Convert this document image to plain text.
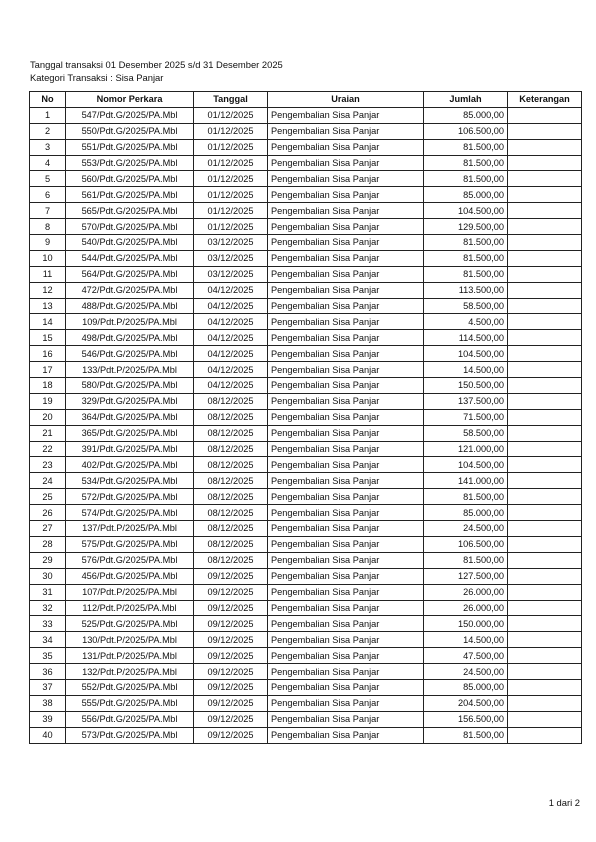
Tanggal transaksi 01 Desember 2025 s/d 31 Desember 2025
Kategori Transaksi : Sisa Panjar
No	Nomor Perkara	Tanggal	Uraian	Jumlah	Keterangan
1	547/Pdt.G/2025/PA.Mbl	01/12/2025	Pengembalian Sisa Panjar	85.000,00	
2	550/Pdt.G/2025/PA.Mbl	01/12/2025	Pengembalian Sisa Panjar	106.500,00	
3	551/Pdt.G/2025/PA.Mbl	01/12/2025	Pengembalian Sisa Panjar	81.500,00	
4	553/Pdt.G/2025/PA.Mbl	01/12/2025	Pengembalian Sisa Panjar	81.500,00	
5	560/Pdt.G/2025/PA.Mbl	01/12/2025	Pengembalian Sisa Panjar	81.500,00	
6	561/Pdt.G/2025/PA.Mbl	01/12/2025	Pengembalian Sisa Panjar	85.000,00	
7	565/Pdt.G/2025/PA.Mbl	01/12/2025	Pengembalian Sisa Panjar	104.500,00	
8	570/Pdt.G/2025/PA.Mbl	01/12/2025	Pengembalian Sisa Panjar	129.500,00	
9	540/Pdt.G/2025/PA.Mbl	03/12/2025	Pengembalian Sisa Panjar	81.500,00	
10	544/Pdt.G/2025/PA.Mbl	03/12/2025	Pengembalian Sisa Panjar	81.500,00	
11	564/Pdt.G/2025/PA.Mbl	03/12/2025	Pengembalian Sisa Panjar	81.500,00	
12	472/Pdt.G/2025/PA.Mbl	04/12/2025	Pengembalian Sisa Panjar	113.500,00	
13	488/Pdt.G/2025/PA.Mbl	04/12/2025	Pengembalian Sisa Panjar	58.500,00	
14	109/Pdt.P/2025/PA.Mbl	04/12/2025	Pengembalian Sisa Panjar	4.500,00	
15	498/Pdt.G/2025/PA.Mbl	04/12/2025	Pengembalian Sisa Panjar	114.500,00	
16	546/Pdt.G/2025/PA.Mbl	04/12/2025	Pengembalian Sisa Panjar	104.500,00	
17	133/Pdt.P/2025/PA.Mbl	04/12/2025	Pengembalian Sisa Panjar	14.500,00	
18	580/Pdt.G/2025/PA.Mbl	04/12/2025	Pengembalian Sisa Panjar	150.500,00	
19	329/Pdt.G/2025/PA.Mbl	08/12/2025	Pengembalian Sisa Panjar	137.500,00	
20	364/Pdt.G/2025/PA.Mbl	08/12/2025	Pengembalian Sisa Panjar	71.500,00	
21	365/Pdt.G/2025/PA.Mbl	08/12/2025	Pengembalian Sisa Panjar	58.500,00	
22	391/Pdt.G/2025/PA.Mbl	08/12/2025	Pengembalian Sisa Panjar	121.000,00	
23	402/Pdt.G/2025/PA.Mbl	08/12/2025	Pengembalian Sisa Panjar	104.500,00	
24	534/Pdt.G/2025/PA.Mbl	08/12/2025	Pengembalian Sisa Panjar	141.000,00	
25	572/Pdt.G/2025/PA.Mbl	08/12/2025	Pengembalian Sisa Panjar	81.500,00	
26	574/Pdt.G/2025/PA.Mbl	08/12/2025	Pengembalian Sisa Panjar	85.000,00	
27	137/Pdt.P/2025/PA.Mbl	08/12/2025	Pengembalian Sisa Panjar	24.500,00	
28	575/Pdt.G/2025/PA.Mbl	08/12/2025	Pengembalian Sisa Panjar	106.500,00	
29	576/Pdt.G/2025/PA.Mbl	08/12/2025	Pengembalian Sisa Panjar	81.500,00	
30	456/Pdt.G/2025/PA.Mbl	09/12/2025	Pengembalian Sisa Panjar	127.500,00	
31	107/Pdt.P/2025/PA.Mbl	09/12/2025	Pengembalian Sisa Panjar	26.000,00	
32	112/Pdt.P/2025/PA.Mbl	09/12/2025	Pengembalian Sisa Panjar	26.000,00	
33	525/Pdt.G/2025/PA.Mbl	09/12/2025	Pengembalian Sisa Panjar	150.000,00	
34	130/Pdt.P/2025/PA.Mbl	09/12/2025	Pengembalian Sisa Panjar	14.500,00	
35	131/Pdt.P/2025/PA.Mbl	09/12/2025	Pengembalian Sisa Panjar	47.500,00	
36	132/Pdt.P/2025/PA.Mbl	09/12/2025	Pengembalian Sisa Panjar	24.500,00	
37	552/Pdt.G/2025/PA.Mbl	09/12/2025	Pengembalian Sisa Panjar	85.000,00	
38	555/Pdt.G/2025/PA.Mbl	09/12/2025	Pengembalian Sisa Panjar	204.500,00	
39	556/Pdt.G/2025/PA.Mbl	09/12/2025	Pengembalian Sisa Panjar	156.500,00	
40	573/Pdt.G/2025/PA.Mbl	09/12/2025	Pengembalian Sisa Panjar	81.500,00	
1 dari 2
